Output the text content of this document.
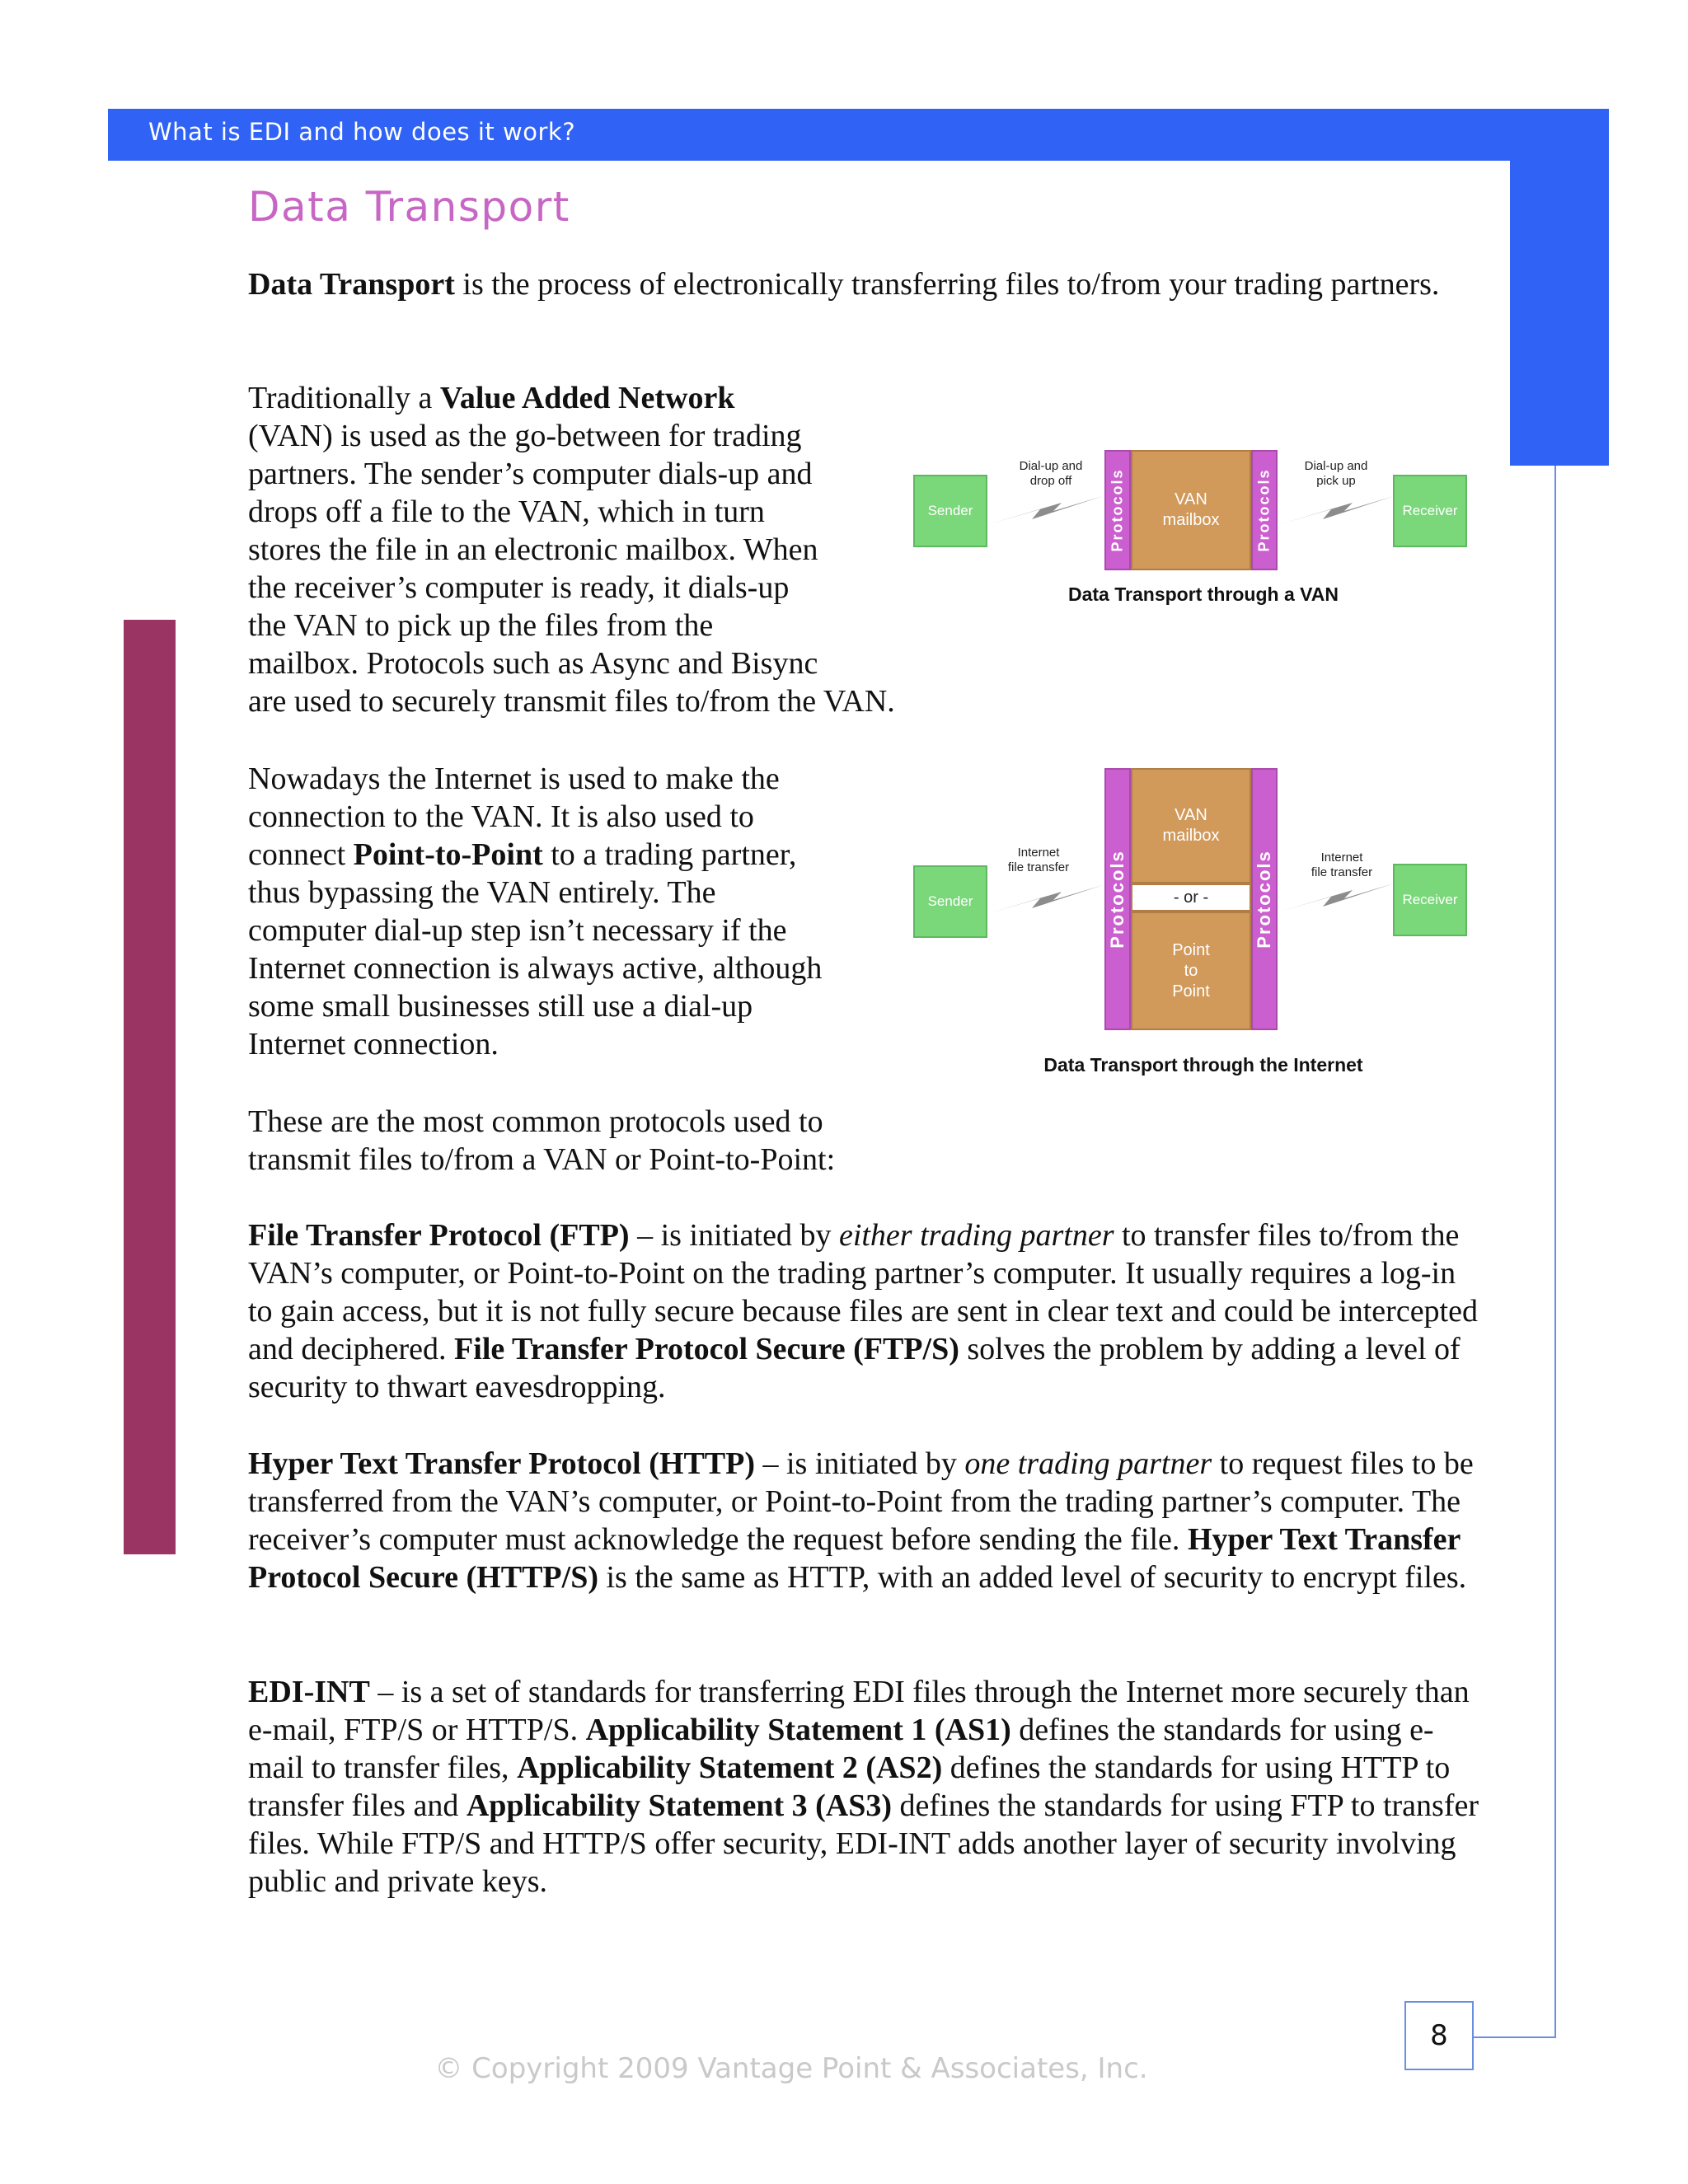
What is EDI and how does it work?
8
Data Transport

Data Transport is the process of electronically transferring files to/from your trading partners.

Traditionally a Value Added Network
(VAN) is used as the go-between for trading
partners. The sender’s computer dials-up and
drops off a file to the VAN, which in turn
stores the file in an electronic mailbox. When
the receiver’s computer is ready, it dials-up
the VAN to pick up the files from the
mailbox. Protocols such as Async and Bisync
are used to securely transmit files to/from the VAN.
Nowadays the Internet is used to make the
connection to the VAN. It is also used to
connect Point-to-Point to a trading partner,
thus bypassing the VAN entirely. The
computer dial-up step isn’t necessary if the
Internet connection is always active, although
some small businesses still use a dial-up
Internet connection.
These are the most common protocols used to
transmit files to/from a VAN or Point-to-Point:

File Transfer Protocol (FTP) – is initiated by either trading partner to transfer files to/from the VAN’s computer, or Point-to-Point on the trading partner’s computer. It usually requires a log-in to gain access, but it is not fully secure because files are sent in clear text and could be intercepted and deciphered. File Transfer Protocol Secure (FTP/S) solves the problem by adding a level of security to thwart eavesdropping.

Hyper Text Transfer Protocol (HTTP) – is initiated by one trading partner to request files to be transferred from the VAN’s computer, or Point-to-Point from the trading partner’s computer. The receiver’s computer must acknowledge the request before sending the file. Hyper Text Transfer Protocol Secure (HTTP/S) is the same as HTTP, with an added level of security to encrypt files.

EDI-INT – is a set of standards for transferring EDI files through the Internet more securely than e-mail, FTP/S or HTTP/S. Applicability Statement 1 (AS1) defines the standards for using e-mail to transfer files, Applicability Statement 2 (AS2) defines the standards for using HTTP to transfer files and Applicability Statement 3 (AS3) defines the standards for using FTP to transfer files. While FTP/S and HTTP/S offer security, EDI-INT adds another layer of security involving public and private keys.

Sender	Receiver
Dial-up and
drop off
Dial-up and
pick up
Protocols	VAN
mailbox Protocols
Data Transport through a VAN
Sender	Receiver
Internet
file transfer
Internet
file transfer
Protocols
VAN
mailbox
- or -
Point
to
Point
Protocols
Data Transport through the Internet
© Copyright 2009 Vantage Point & Associates, Inc.
